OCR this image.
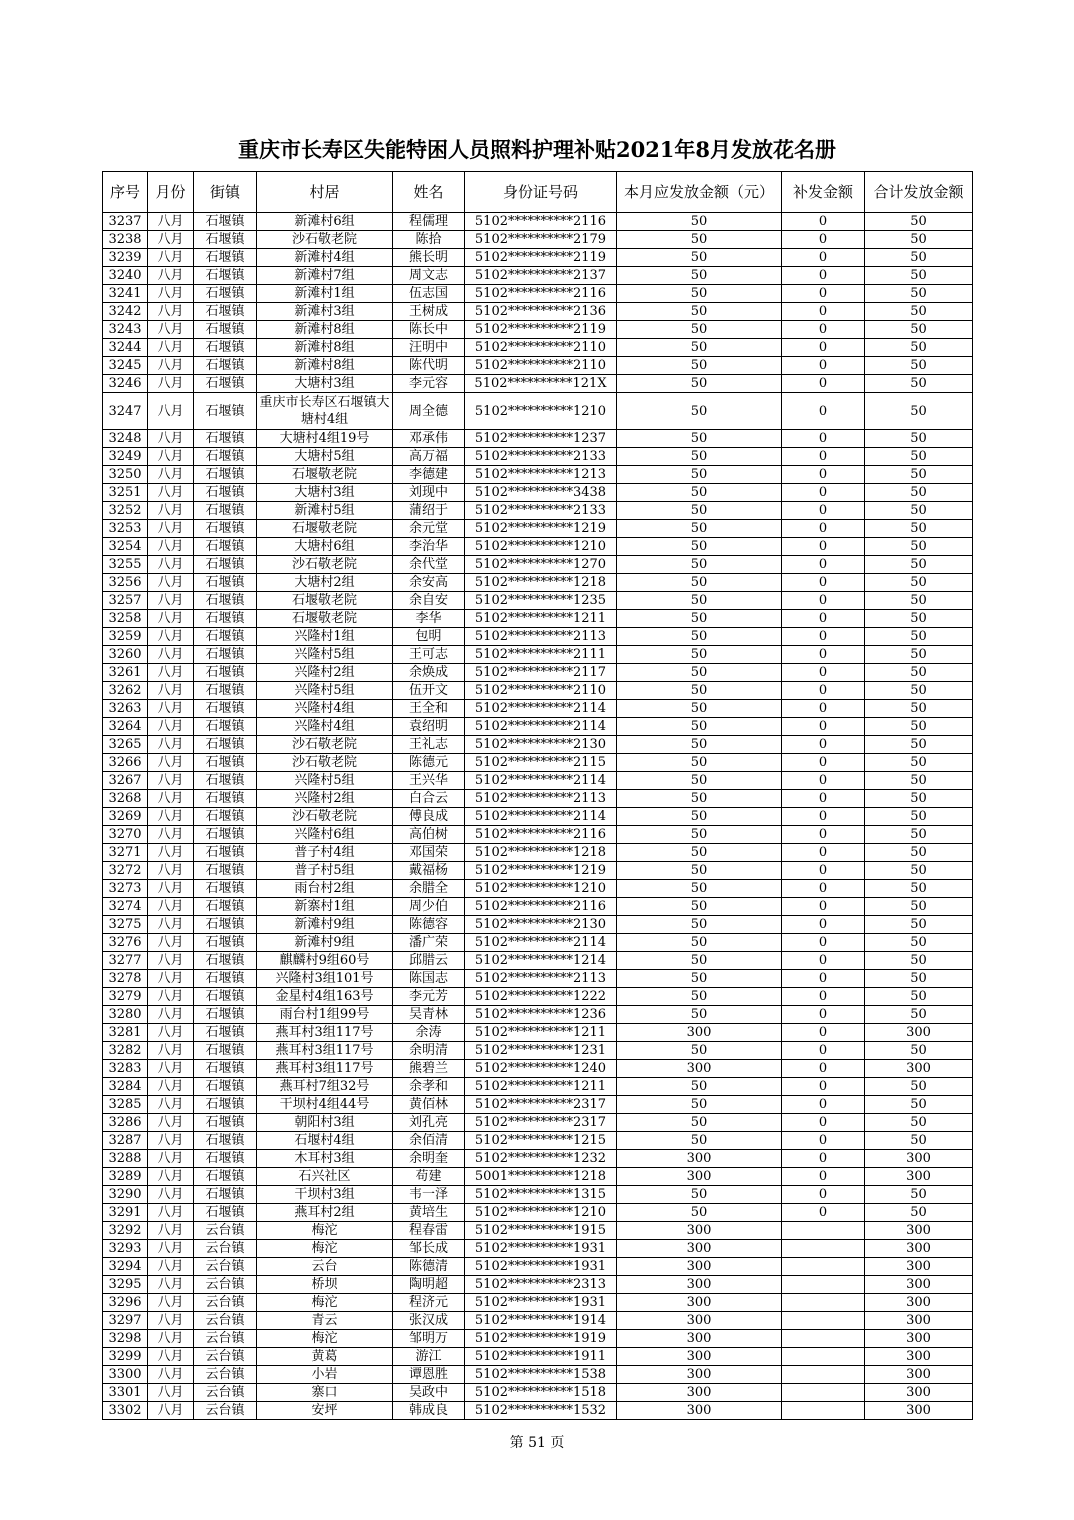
重庆市长寿区失能特困人员照料护理补贴2021年8月发放花名册
序号	月份	街镇	村居	姓名	身份证号码	本月应发放金额（元）	补发金额	合计发放金额
3237	八月	石堰镇	新滩村6组	程儒理	5102**********2116	50	0	50
3238	八月	石堰镇	沙石敬老院	陈拾	5102**********2179	50	0	50
3239	八月	石堰镇	新滩村4组	熊长明	5102**********2119	50	0	50
3240	八月	石堰镇	新滩村7组	周文志	5102**********2137	50	0	50
3241	八月	石堰镇	新滩村1组	伍志国	5102**********2116	50	0	50
3242	八月	石堰镇	新滩村3组	王树成	5102**********2136	50	0	50
3243	八月	石堰镇	新滩村8组	陈长中	5102**********2119	50	0	50
3244	八月	石堰镇	新滩村8组	汪明中	5102**********2110	50	0	50
3245	八月	石堰镇	新滩村8组	陈代明	5102**********2110	50	0	50
3246	八月	石堰镇	大塘村3组	李元容	5102**********121X	50	0	50
3247	八月	石堰镇	重庆市长寿区石堰镇大塘村4组	周全德	5102**********1210	50	0	50
3248	八月	石堰镇	大塘村4组19号	邓承伟	5102**********1237	50	0	50
3249	八月	石堰镇	大塘村5组	高万福	5102**********2133	50	0	50
3250	八月	石堰镇	石堰敬老院	李德建	5102**********1213	50	0	50
3251	八月	石堰镇	大塘村3组	刘现中	5102**********3438	50	0	50
3252	八月	石堰镇	新滩村5组	蒲绍于	5102**********2133	50	0	50
3253	八月	石堰镇	石堰敬老院	余元堂	5102**********1219	50	0	50
3254	八月	石堰镇	大塘村6组	李治华	5102**********1210	50	0	50
3255	八月	石堰镇	沙石敬老院	余代堂	5102**********1270	50	0	50
3256	八月	石堰镇	大塘村2组	余安高	5102**********1218	50	0	50
3257	八月	石堰镇	石堰敬老院	余自安	5102**********1235	50	0	50
3258	八月	石堰镇	石堰敬老院	李华	5102**********1211	50	0	50
3259	八月	石堰镇	兴隆村1组	包明	5102**********2113	50	0	50
3260	八月	石堰镇	兴隆村5组	王可志	5102**********2111	50	0	50
3261	八月	石堰镇	兴隆村2组	余焕成	5102**********2117	50	0	50
3262	八月	石堰镇	兴隆村5组	伍开文	5102**********2110	50	0	50
3263	八月	石堰镇	兴隆村4组	王全和	5102**********2114	50	0	50
3264	八月	石堰镇	兴隆村4组	袁绍明	5102**********2114	50	0	50
3265	八月	石堰镇	沙石敬老院	王礼志	5102**********2130	50	0	50
3266	八月	石堰镇	沙石敬老院	陈德元	5102**********2115	50	0	50
3267	八月	石堰镇	兴隆村5组	王兴华	5102**********2114	50	0	50
3268	八月	石堰镇	兴隆村2组	白合云	5102**********2113	50	0	50
3269	八月	石堰镇	沙石敬老院	傅良成	5102**********2114	50	0	50
3270	八月	石堰镇	兴隆村6组	高伯树	5102**********2116	50	0	50
3271	八月	石堰镇	普子村4组	邓国荣	5102**********1218	50	0	50
3272	八月	石堰镇	普子村5组	戴福杨	5102**********1219	50	0	50
3273	八月	石堰镇	雨台村2组	余腊全	5102**********1210	50	0	50
3274	八月	石堰镇	新寨村1组	周少伯	5102**********2116	50	0	50
3275	八月	石堰镇	新滩村9组	陈德容	5102**********2130	50	0	50
3276	八月	石堰镇	新滩村9组	潘广荣	5102**********2114	50	0	50
3277	八月	石堰镇	麒麟村9组60号	邱腊云	5102**********1214	50	0	50
3278	八月	石堰镇	兴隆村3组101号	陈国志	5102**********2113	50	0	50
3279	八月	石堰镇	金星村4组163号	李元芳	5102**********1222	50	0	50
3280	八月	石堰镇	雨台村1组99号	吴青林	5102**********1236	50	0	50
3281	八月	石堰镇	燕耳村3组117号	余涛	5102**********1211	300	0	300
3282	八月	石堰镇	燕耳村3组117号	余明清	5102**********1231	50	0	50
3283	八月	石堰镇	燕耳村3组117号	熊碧兰	5102**********1240	300	0	300
3284	八月	石堰镇	燕耳村7组32号	余孝和	5102**********1211	50	0	50
3285	八月	石堰镇	干坝村4组44号	黄佰林	5102**********2317	50	0	50
3286	八月	石堰镇	朝阳村3组	刘孔亮	5102**********2317	50	0	50
3287	八月	石堰镇	石堰村4组	余佰清	5102**********1215	50	0	50
3288	八月	石堰镇	木耳村3组	余明奎	5102**********1232	300	0	300
3289	八月	石堰镇	石兴社区	苟建	5001**********1218	300	0	300
3290	八月	石堰镇	干坝村3组	韦一泽	5102**********1315	50	0	50
3291	八月	石堰镇	燕耳村2组	黄培生	5102**********1210	50	0	50
3292	八月	云台镇	梅沱	程春雷	5102**********1915	300		300
3293	八月	云台镇	梅沱	邹长成	5102**********1931	300		300
3294	八月	云台镇	云台	陈德清	5102**********1931	300		300
3295	八月	云台镇	桥坝	陶明超	5102**********2313	300		300
3296	八月	云台镇	梅沱	程济元	5102**********1931	300		300
3297	八月	云台镇	青云	张汉成	5102**********1914	300		300
3298	八月	云台镇	梅沱	邹明万	5102**********1919	300		300
3299	八月	云台镇	黄葛	游江	5102**********1911	300		300
3300	八月	云台镇	小岩	谭恩胜	5102**********1538	300		300
3301	八月	云台镇	寨口	吴政中	5102**********1518	300		300
3302	八月	云台镇	安坪	韩成良	5102**********1532	300		300
第 51 页
